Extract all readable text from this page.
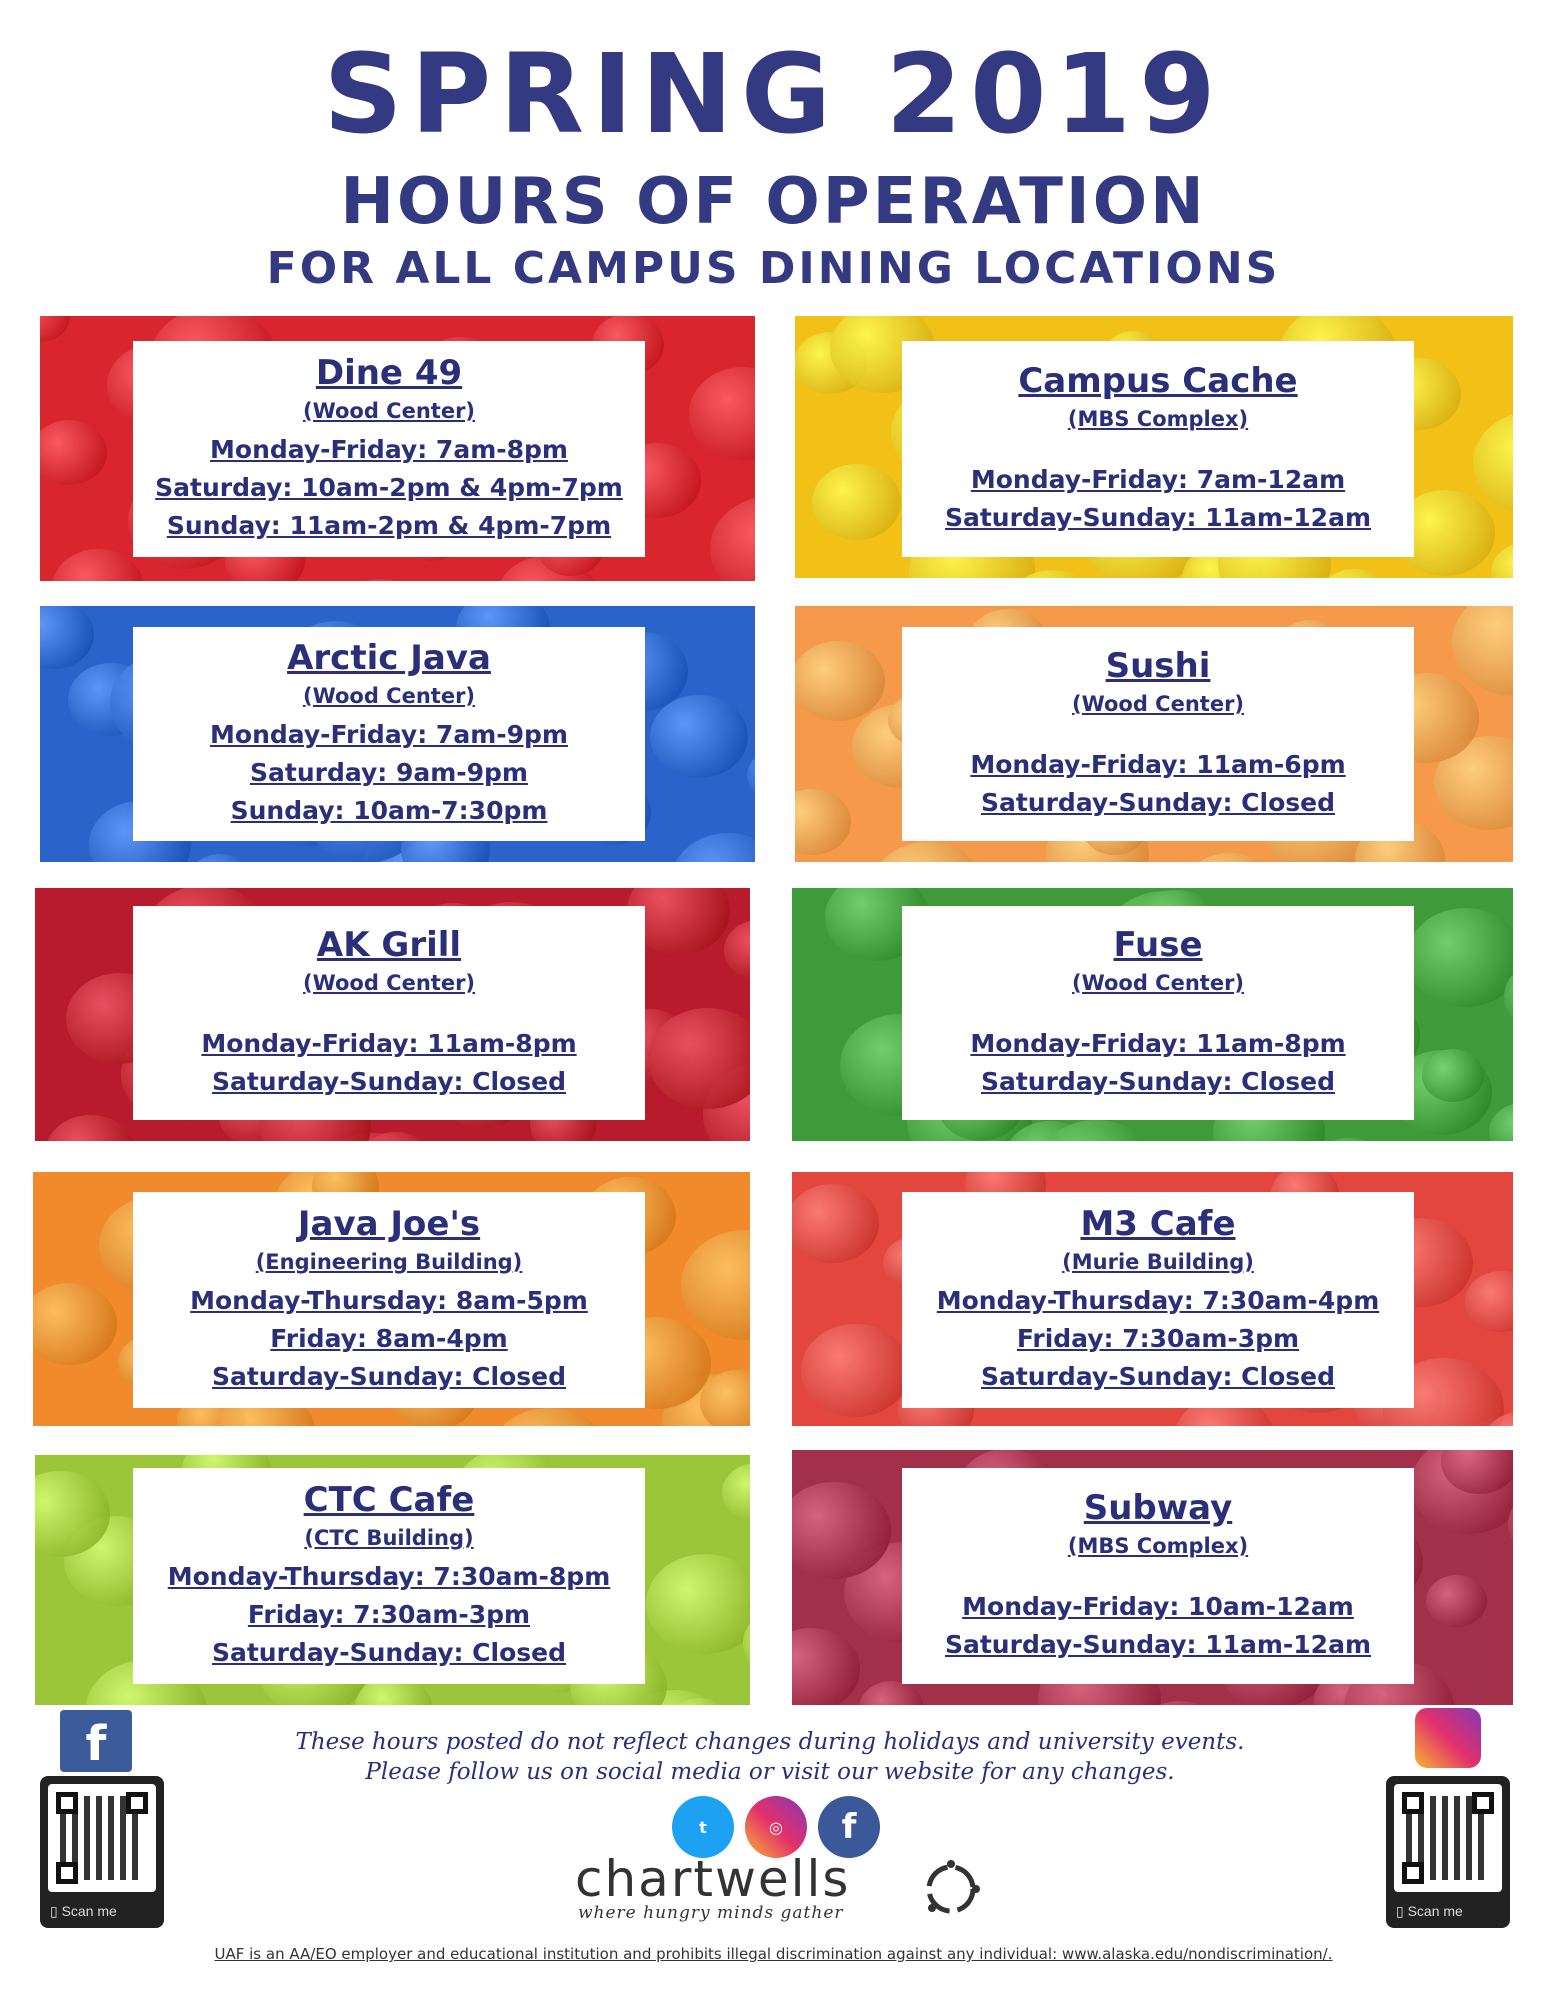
SPRING 2019
HOURS OF OPERATION
FOR ALL CAMPUS DINING LOCATIONS
Dine 49
(Wood Center)
Monday-Friday: 7am-8pm
Saturday: 10am-2pm & 4pm-7pm
Sunday: 11am-2pm & 4pm-7pm
Campus Cache
(MBS Complex)
Monday-Friday: 7am-12am
Saturday-Sunday: 11am-12am
Arctic Java
(Wood Center)
Monday-Friday: 7am-9pm
Saturday: 9am-9pm
Sunday: 10am-7:30pm
Sushi
(Wood Center)
Monday-Friday: 11am-6pm
Saturday-Sunday: Closed
AK Grill
(Wood Center)
Monday-Friday: 11am-8pm
Saturday-Sunday: Closed
Fuse
(Wood Center)
Monday-Friday: 11am-8pm
Saturday-Sunday: Closed
Java Joe's
(Engineering Building)
Monday-Thursday: 8am-5pm
Friday: 8am-4pm
Saturday-Sunday: Closed
M3 Cafe
(Murie Building)
Monday-Thursday: 7:30am-4pm
Friday: 7:30am-3pm
Saturday-Sunday: Closed
CTC Cafe
(CTC Building)
Monday-Thursday: 7:30am-8pm
Friday: 7:30am-3pm
Saturday-Sunday: Closed
Subway
(MBS Complex)
Monday-Friday: 10am-12am
Saturday-Sunday: 11am-12am
f
▯ Scan me	▯ Scan me
These hours posted do not reflect changes during holidays and university events.
Please follow us on social media or visit our website for any changes.
t	◎ f
chartwells
where hungry minds gather
UAF is an AA/EO employer and educational institution and prohibits illegal discrimination against any individual: www.alaska.edu/nondiscrimination/.
